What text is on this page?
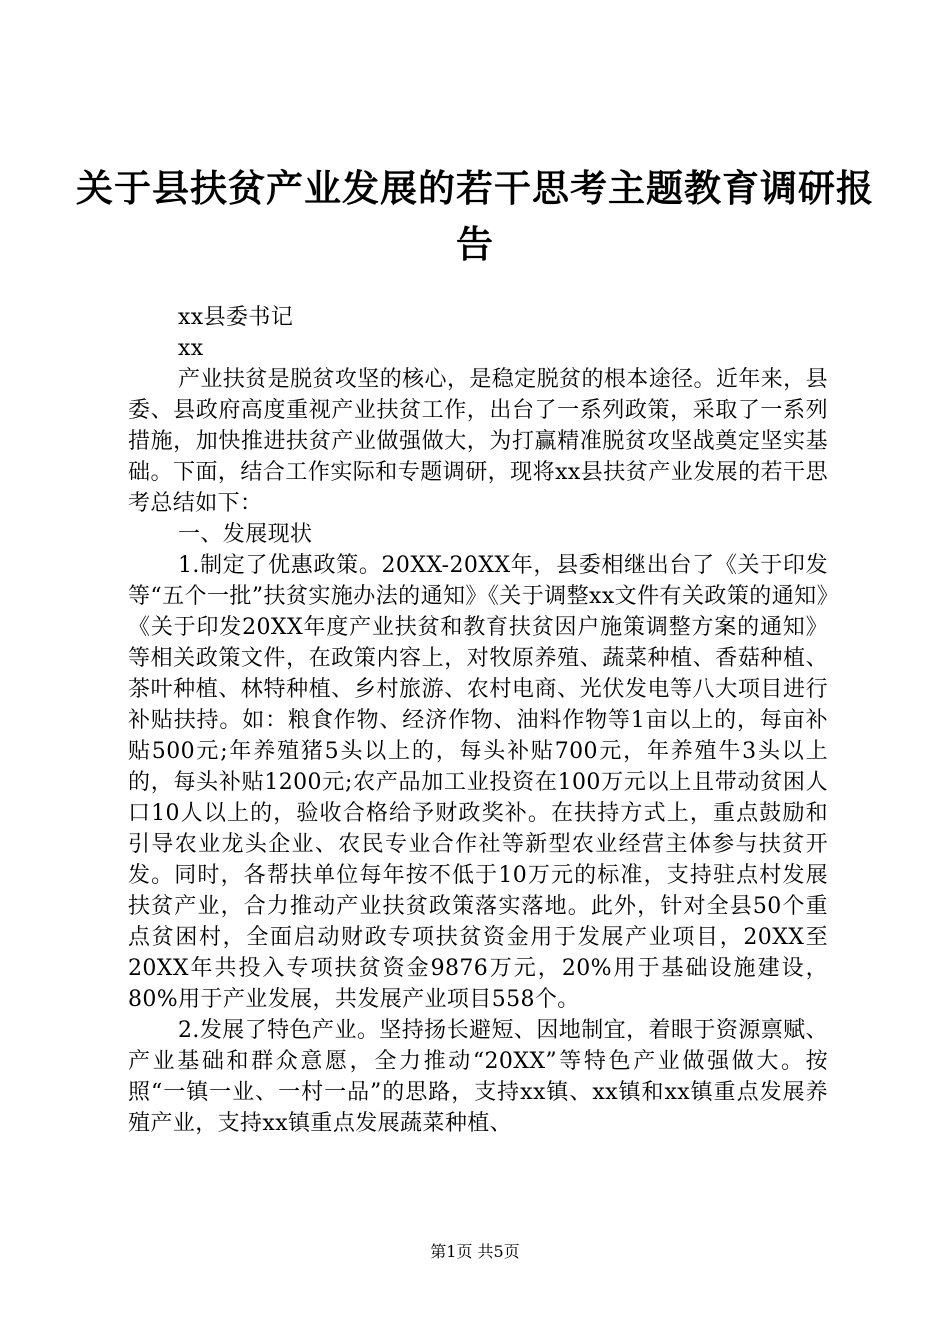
关于县扶贫产业发展的若干思考主题教育调研报告

xx县委书记

xx

产业扶贫是脱贫攻坚的核心，是稳定脱贫的根本途径。近年来，县委、县政府高度重视产业扶贫工作，出台了一系列政策，采取了一系列措施，加快推进扶贫产业做强做大，为打赢精准脱贫攻坚战奠定坚实基础。下面，结合工作实际和专题调研，现将xx县扶贫产业发展的若干思考总结如下：

一、发展现状

1.制定了优惠政策。20XX-20XX年，县委相继出台了《关于印发等“五个一批”扶贫实施办法的通知》《关于调整xx文件有关政策的通知》《关于印发20XX年度产业扶贫和教育扶贫因户施策调整方案的通知》等相关政策文件，在政策内容上，对牧原养殖、蔬菜种植、香菇种植、茶叶种植、林特种植、乡村旅游、农村电商、光伏发电等八大项目进行补贴扶持。如：粮食作物、经济作物、油料作物等1亩以上的，每亩补贴500元;年养殖猪5头以上的，每头补贴700元，年养殖牛3头以上的，每头补贴1200元;农产品加工业投资在100万元以上且带动贫困人口10人以上的，验收合格给予财政奖补。在扶持方式上，重点鼓励和引导农业龙头企业、农民专业合作社等新型农业经营主体参与扶贫开发。同时，各帮扶单位每年按不低于10万元的标准，支持驻点村发展扶贫产业，合力推动产业扶贫政策落实落地。此外，针对全县50个重点贫困村，全面启动财政专项扶贫资金用于发展产业项目，20XX至20XX年共投入专项扶贫资金9876万元，20%用于基础设施建设，80%用于产业发展，共发展产业项目558个。

2.发展了特色产业。坚持扬长避短、因地制宜，着眼于资源禀赋、产业基础和群众意愿，全力推动“20XX”等特色产业做强做大。按照“一镇一业、一村一品”的思路，支持xx镇、xx镇和xx镇重点发展养殖产业，支持xx镇重点发展蔬菜种植、

第1页 共5页
